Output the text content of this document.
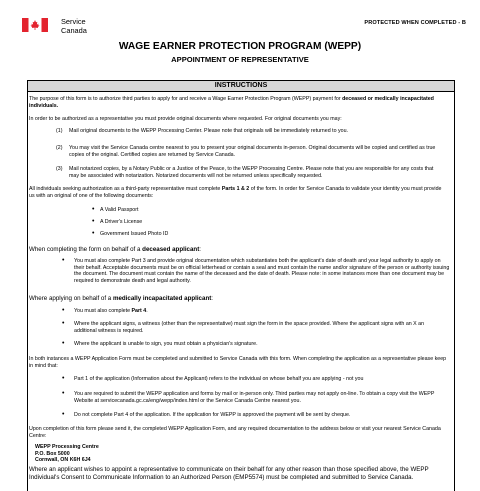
Service
Canada
PROTECTED WHEN COMPLETED - B
WAGE EARNER PROTECTION PROGRAM (WEPP)
APPOINTMENT OF REPRESENTATIVE
INSTRUCTIONS
The purpose of this form is to authorize third parties to apply for and receive a Wage Earner Protection Program (WEPP) payment for deceased or medically incapacitated
individuals.
In order to be authorized as a representative you must provide original documents where requested. For original documents you may:
(1) Mail original documents to the WEPP Processing Center. Please note that originals will be immediately returned to you.
(2) You may visit the Service Canada centre nearest to you to present your original documents in-person. Original documents will be copied and certified as true
copies of the original. Certified copies are returned by Service Canada.
(3) Mail notarized copies, by a Notary Public or a Justice of the Peace, to the WEPP Processing Centre. Please note that you are responsible for any costs that
may be associated with notarization. Notarized documents will not be returned unless specifically requested.
All individuals seeking authorization as a third-party representative must complete Parts 1 & 2 of the form. In order for Service Canada to validate your identity you must provide
us with an original of one of the following documents:
• A Valid Passport
• A Driver's License
• Government Issued Photo ID
When completing the form on behalf of a deceased applicant:
• You must also complete Part 3 and provide original documentation which substantiates both the applicant's date of death and your legal authority to apply on
their behalf. Acceptable documents must be on official letterhead or contain a seal and must contain the name and/or signature of the person or authority issuing
the document. The document must contain the name of the deceased and the date of death. Please note: in some instances more than one document may be
required to demonstrate death and legal authority.
Where applying on behalf of a medically incapacitated applicant:
• You must also complete Part 4.
• Where the applicant signs, a witness (other than the representative) must sign the form in the space provided. Where the applicant signs with an X an
additional witness is required.
• Where the applicant is unable to sign, you must obtain a physician's signature.
In both instances a WEPP Application Form must be completed and submitted to Service Canada with this form. When completing the application as a representative please keep
in mind that:
• Part 1 of the application (Information about the Applicant) refers to the individual on whose behalf you are applying - not you
• You are required to submit the WEPP application and forms by mail or in-person only. Third parties may not apply on-line. To obtain a copy visit the WEPP
Website at servicecanada.gc.ca/eng/wepp/index.html or the Service Canada Centre nearest you.
• Do not complete Part 4 of the application. If the application for WEPP is approved the payment will be sent by cheque.
Upon completion of this form please send it, the completed WEPP Application Form, and any required documentation to the address below or visit your nearest Service Canada
Centre:
WEPP Processing Centre
P.O. Box 5000
Cornwall, ON K6H 6J4
Where an applicant wishes to appoint a representative to communicate on their behalf for any other reason than those specified above, the WEPP
Individual's Consent to Communicate Information to an Authorized Person (EMP5574) must be completed and submitted to Service Canada.
